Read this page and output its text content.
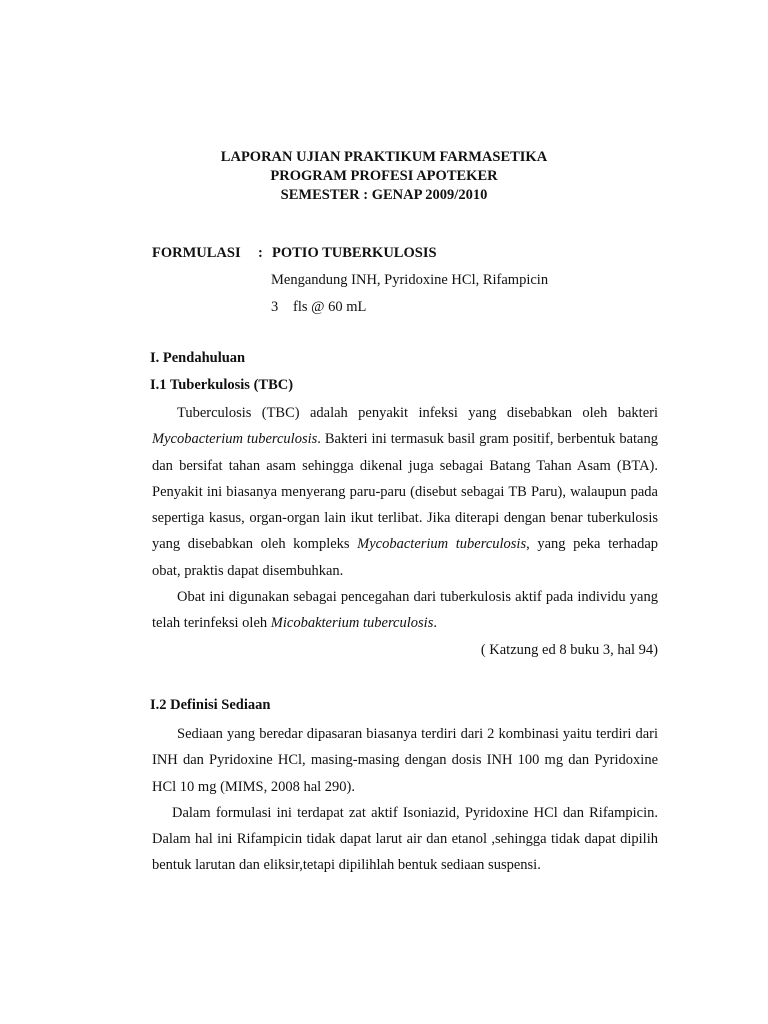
LAPORAN UJIAN PRAKTIKUM FARMASETIKA
PROGRAM PROFESI APOTEKER
SEMESTER : GENAP 2009/2010
FORMULASI : POTIO TUBERKULOSIS
Mengandung INH, Pyridoxine HCl, Rifampicin
3 fls @ 60 mL
I. Pendahuluan
I.1 Tuberkulosis (TBC)

Tuberculosis (TBC) adalah penyakit infeksi yang disebabkan oleh bakteri Mycobacterium tuberculosis. Bakteri ini termasuk basil gram positif, berbentuk batang dan bersifat tahan asam sehingga dikenal juga sebagai Batang Tahan Asam (BTA). Penyakit ini biasanya menyerang paru-paru (disebut sebagai TB Paru), walaupun pada sepertiga kasus, organ-organ lain ikut terlibat. Jika diterapi dengan benar tuberkulosis yang disebabkan oleh kompleks Mycobacterium tuberculosis, yang peka terhadap obat, praktis dapat disembuhkan.

Obat ini digunakan sebagai pencegahan dari tuberkulosis aktif pada individu yang telah terinfeksi oleh Micobakterium tuberculosis.

( Katzung ed 8 buku 3, hal 94)
I.2 Definisi Sediaan

Sediaan yang beredar dipasaran biasanya terdiri dari 2 kombinasi yaitu terdiri dari INH dan Pyridoxine HCl, masing-masing dengan dosis INH 100 mg dan Pyridoxine HCl 10 mg (MIMS, 2008 hal 290).

Dalam formulasi ini terdapat zat aktif Isoniazid, Pyridoxine HCl dan Rifampicin. Dalam hal ini Rifampicin tidak dapat larut air dan etanol ,sehingga tidak dapat dipilih bentuk larutan dan eliksir,tetapi dipilihlah bentuk sediaan suspensi.
